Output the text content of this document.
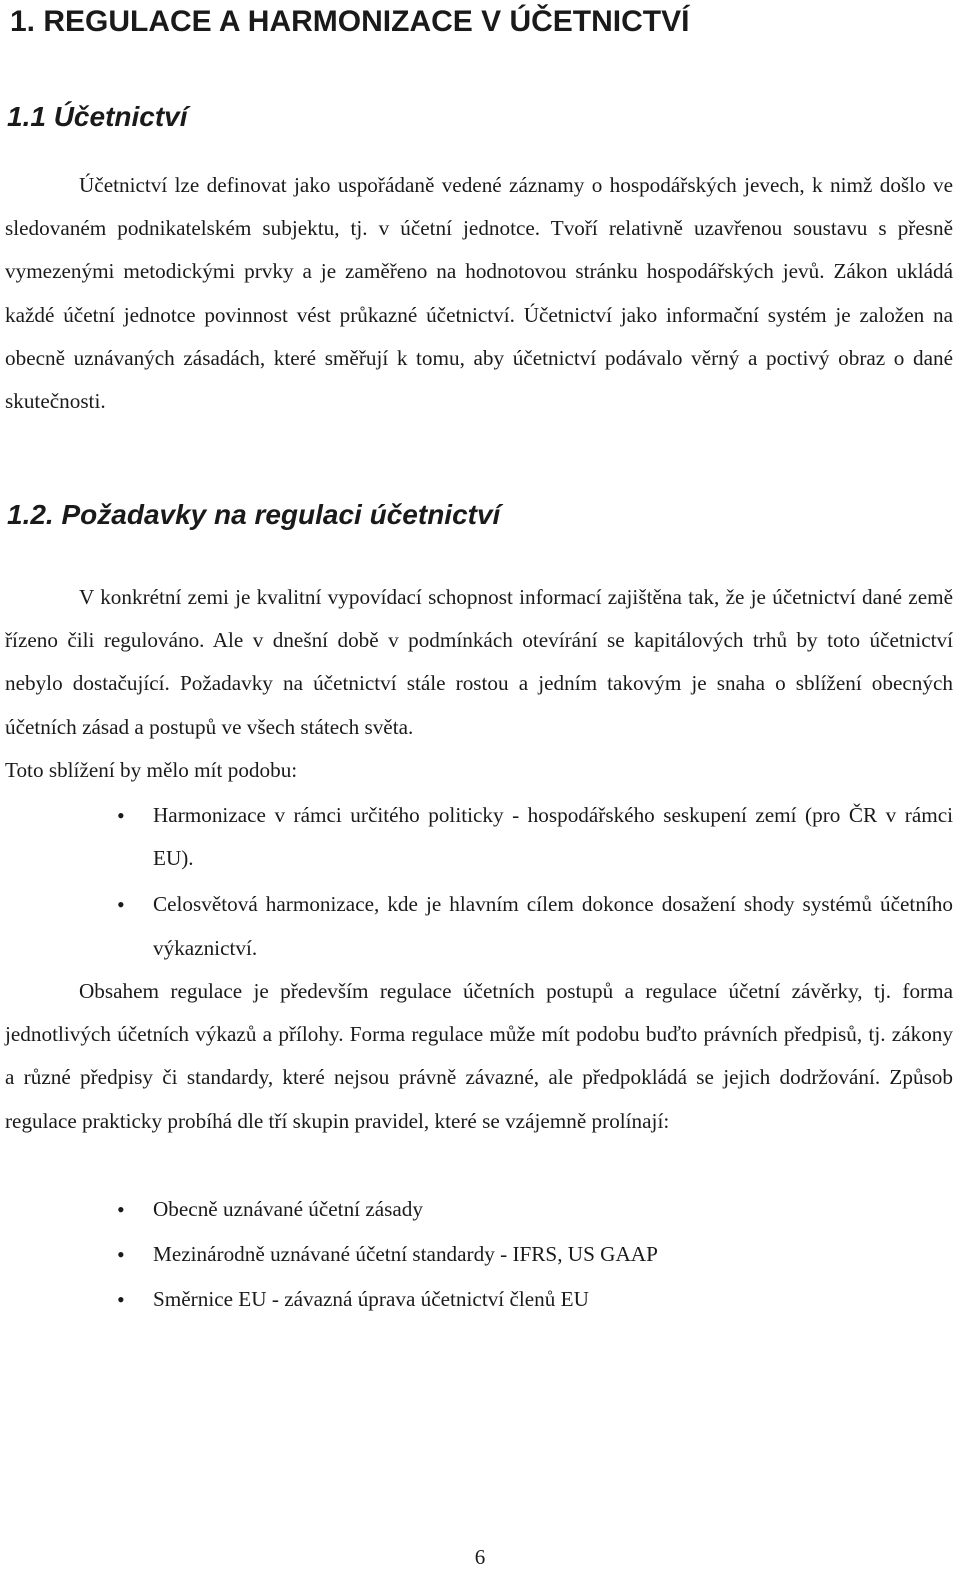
1. REGULACE A HARMONIZACE V ÚČETNICTVÍ
1.1 Účetnictví

Účetnictví lze definovat jako uspořádaně vedené záznamy o hospodářských jevech, k nimž došlo ve sledovaném podnikatelském subjektu, tj. v účetní jednotce. Tvoří relativně uzavřenou soustavu s přesně vymezenými metodickými prvky a je zaměřeno na hodnotovou stránku hospodářských jevů. Zákon ukládá každé účetní jednotce povinnost vést průkazné účetnictví. Účetnictví jako informační systém je založen na obecně uznávaných zásadách, které směřují k tomu, aby účetnictví podávalo věrný a poctivý obraz o dané skutečnosti.

1.2. Požadavky na regulaci účetnictví

V konkrétní zemi je kvalitní vypovídací schopnost informací zajištěna tak, že je účetnictví dané země řízeno čili regulováno. Ale v dnešní době v podmínkách otevírání se kapitálových trhů by toto účetnictví nebylo dostačující. Požadavky na účetnictví stále rostou a jedním takovým je snaha o sblížení obecných účetních zásad a postupů ve všech státech světa.
Toto sblížení by mělo mít podobu:

• Harmonizace v rámci určitého politicky - hospodářského seskupení zemí (pro ČR v rámci EU).
• Celosvětová harmonizace, kde je hlavním cílem dokonce dosažení shody systémů účetního výkaznictví.

Obsahem regulace je především regulace účetních postupů a regulace účetní závěrky, tj. forma jednotlivých účetních výkazů a přílohy. Forma regulace může mít podobu buďto právních předpisů, tj. zákony a různé předpisy či standardy, které nejsou právně závazné, ale předpokládá se jejich dodržování. Způsob regulace prakticky probíhá dle tří skupin pravidel, které se vzájemně prolínají:

• Obecně uznávané účetní zásady
• Mezinárodně uznávané účetní standardy - IFRS, US GAAP
• Směrnice EU - závazná úprava účetnictví členů EU
6
